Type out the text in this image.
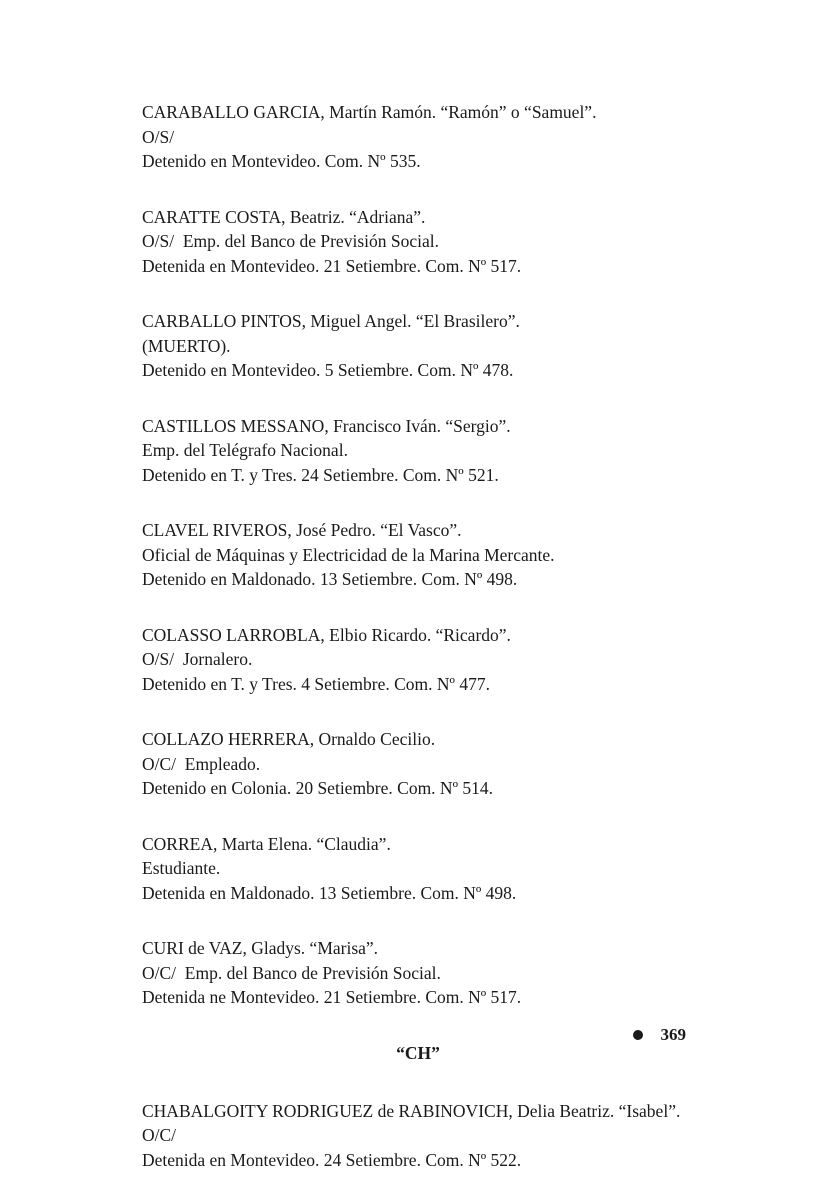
CARABALLO GARCIA, Martín Ramón. “Ramón” o “Samuel”.
O/S/
Detenido en Montevideo. Com. Nº 535.
CARATTE COSTA, Beatriz. “Adriana”.
O/S/  Emp. del Banco de Previsión Social.
Detenida en Montevideo. 21 Setiembre. Com. Nº 517.
CARBALLO PINTOS, Miguel Angel. “El Brasilero”.
(MUERTO).
Detenido en Montevideo. 5 Setiembre. Com. Nº 478.
CASTILLOS MESSANO, Francisco Iván. “Sergio”.
Emp. del Telégrafo Nacional.
Detenido en T. y Tres. 24 Setiembre. Com. Nº 521.
CLAVEL RIVEROS, José Pedro. “El Vasco”.
Oficial de Máquinas y Electricidad de la Marina Mercante.
Detenido en Maldonado. 13 Setiembre. Com. Nº 498.
COLASSO LARROBLA, Elbio Ricardo. “Ricardo”.
O/S/  Jornalero.
Detenido en T. y Tres. 4 Setiembre. Com. Nº 477.
COLLAZO HERRERA, Ornaldo Cecilio.
O/C/  Empleado.
Detenido en Colonia. 20 Setiembre. Com. Nº 514.
CORREA, Marta Elena. “Claudia”.
Estudiante.
Detenida en Maldonado. 13 Setiembre. Com. Nº 498.
CURI de VAZ, Gladys. “Marisa”.
O/C/  Emp. del Banco de Previsión Social.
Detenida ne Montevideo. 21 Setiembre. Com. Nº 517.
“CH”
CHABALGOITY RODRIGUEZ de RABINOVICH, Delia Beatriz. “Isabel”.
O/C/
Detenida en Montevideo. 24 Setiembre. Com. Nº 522.
369
